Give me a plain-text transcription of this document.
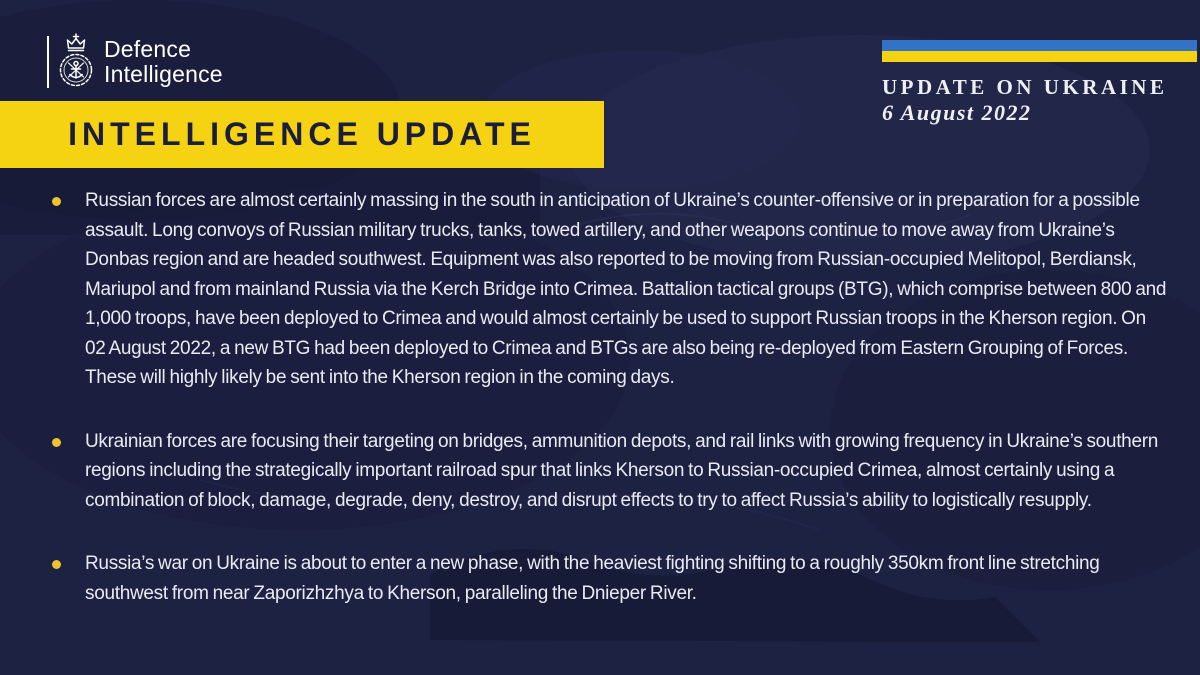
Defence
Intelligence
INTELLIGENCE UPDATE
UPDATE ON UKRAINE
6 August 2022

Russian forces are almost certainly massing in the south in anticipation of Ukraine’s counter-offensive or in preparation for a possible assault. Long convoys of Russian military trucks, tanks, towed artillery, and other weapons continue to move away from Ukraine’s Donbas region and are headed southwest. Equipment was also reported to be moving from Russian-occupied Melitopol, Berdiansk, Mariupol and from mainland Russia via the Kerch Bridge into Crimea. Battalion tactical groups (BTG), which comprise between 800 and 1,000 troops, have been deployed to Crimea and would almost certainly be used to support Russian troops in the Kherson region. On 02 August 2022, a new BTG had been deployed to Crimea and BTGs are also being re-deployed from Eastern Grouping of Forces. These will highly likely be sent into the Kherson region in the coming days.

Ukrainian forces are focusing their targeting on bridges, ammunition depots, and rail links with growing frequency in Ukraine’s southern regions including the strategically important railroad spur that links Kherson to Russian-occupied Crimea, almost certainly using a combination of block, damage, degrade, deny, destroy, and disrupt effects to try to affect Russia’s ability to logistically resupply.

Russia’s war on Ukraine is about to enter a new phase, with the heaviest fighting shifting to a roughly 350km front line stretching southwest from near Zaporizhzhya to Kherson, paralleling the Dnieper River.
